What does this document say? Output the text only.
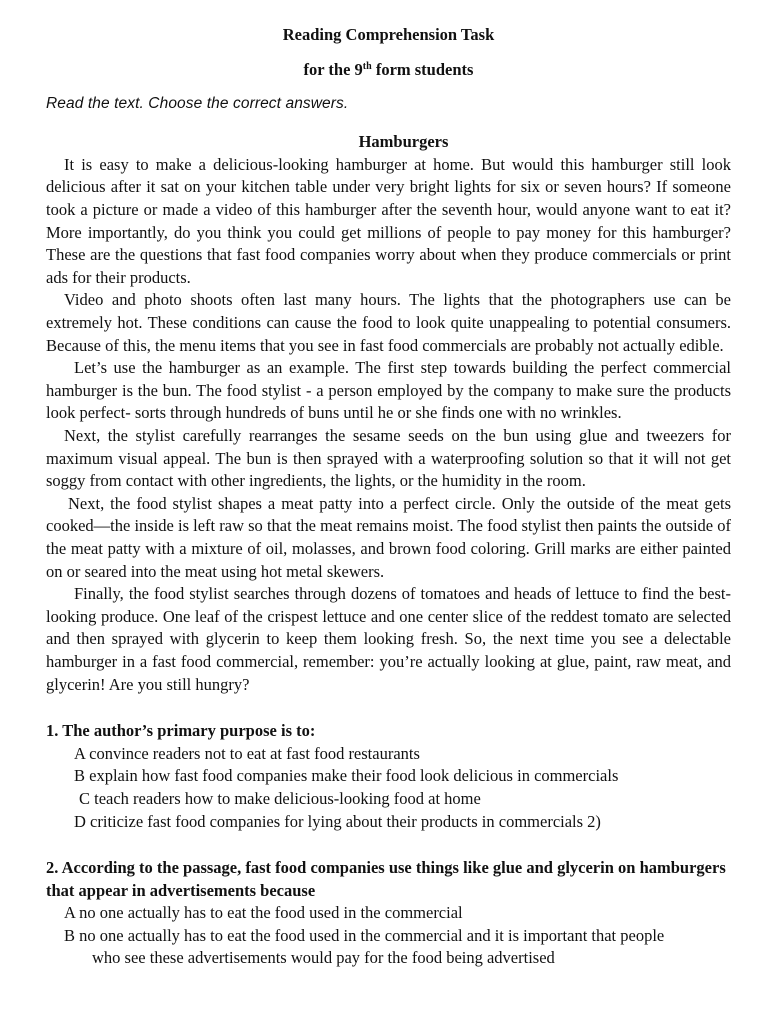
Reading Comprehension Task

for the 9th form students

Read the text. Choose the correct answers.

Hamburgers

It is easy to make a delicious-looking hamburger at home. But would this hamburger still look delicious after it sat on your kitchen table under very bright lights for six or seven hours? If someone took a picture or made a video of this hamburger after the seventh hour, would anyone want to eat it? More importantly, do you think you could get millions of people to pay money for this hamburger? These are the questions that fast food companies worry about when they produce commercials or print ads for their products.

Video and photo shoots often last many hours. The lights that the photographers use can be extremely hot. These conditions can cause the food to look quite unappealing to potential consumers. Because of this, the menu items that you see in fast food commercials are probably not actually edible.

Let’s use the hamburger as an example. The first step towards building the perfect commercial hamburger is the bun. The food stylist - a person employed by the company to make sure the products look perfect- sorts through hundreds of buns until he or she finds one with no wrinkles.

Next, the stylist carefully rearranges the sesame seeds on the bun using glue and tweezers for maximum visual appeal. The bun is then sprayed with a waterproofing solution so that it will not get soggy from contact with other ingredients, the lights, or the humidity in the room.

Next, the food stylist shapes a meat patty into a perfect circle. Only the outside of the meat gets cooked—the inside is left raw so that the meat remains moist. The food stylist then paints the outside of the meat patty with a mixture of oil, molasses, and brown food coloring. Grill marks are either painted on or seared into the meat using hot metal skewers.

Finally, the food stylist searches through dozens of tomatoes and heads of lettuce to find the best-looking produce. One leaf of the crispest lettuce and one center slice of the reddest tomato are selected and then sprayed with glycerin to keep them looking fresh. So, the next time you see a delectable hamburger in a fast food commercial, remember: you’re actually looking at glue, paint, raw meat, and glycerin! Are you still hungry?

1. The author’s primary purpose is to:

A convince readers not to eat at fast food restaurants

B explain how fast food companies make their food look delicious in commercials

C teach readers how to make delicious-looking food at home

D criticize fast food companies for lying about their products in commercials 2)

2. According to the passage, fast food companies use things like glue and glycerin on hamburgers that appear in advertisements because

A no one actually has to eat the food used in the commercial

B no one actually has to eat the food used in the commercial and it is important that people

who see these advertisements would pay for the food being advertised
